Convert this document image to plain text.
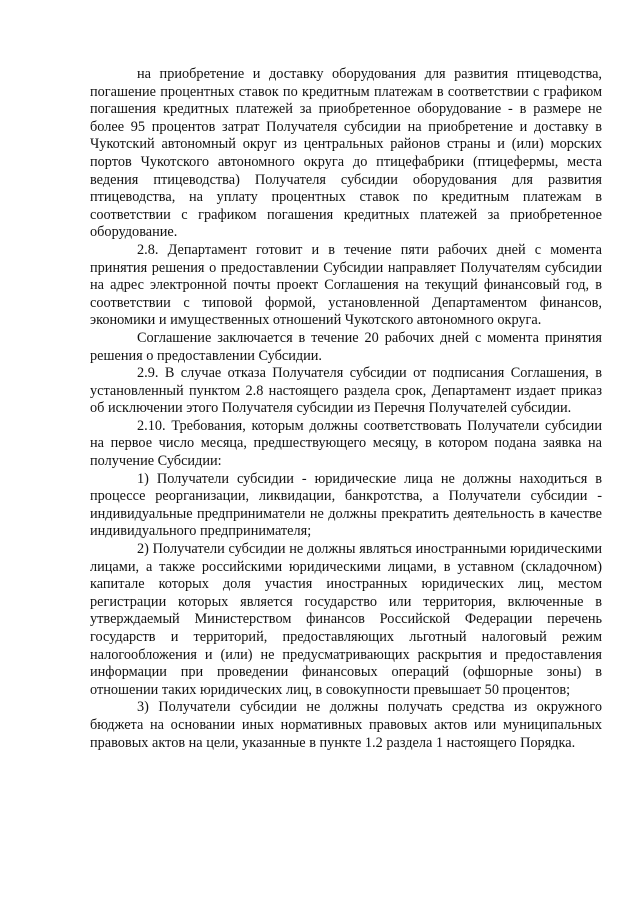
на приобретение и доставку оборудования для развития птицеводства, погашение процентных ставок по кредитным платежам в соответствии с графиком погашения кредитных платежей за приобретенное оборудование - в размере не более 95 процентов затрат Получателя субсидии на приобретение и доставку в Чукотский автономный округ из центральных районов страны и (или) морских портов Чукотского автономного округа до птицефабрики (птицефермы, места ведения птицеводства) Получателя субсидии оборудования для развития птицеводства, на уплату процентных ставок по кредитным платежам в соответствии с графиком погашения кредитных платежей за приобретенное оборудование.

2.8. Департамент готовит и в течение пяти рабочих дней с момента принятия решения о предоставлении Субсидии направляет Получателям субсидии на адрес электронной почты проект Соглашения на текущий финансовый год, в соответствии с типовой формой, установленной Департаментом финансов, экономики и имущественных отношений Чукотского автономного округа.

Соглашение заключается в течение 20 рабочих дней с момента принятия решения о предоставлении Субсидии.

2.9. В случае отказа Получателя субсидии от подписания Соглашения, в установленный пунктом 2.8 настоящего раздела срок, Департамент издает приказ об исключении этого Получателя субсидии из Перечня Получателей субсидии.

2.10. Требования, которым должны соответствовать Получатели субсидии на первое число месяца, предшествующего месяцу, в котором подана заявка на получение Субсидии:

1) Получатели субсидии - юридические лица не должны находиться в процессе реорганизации, ликвидации, банкротства, а Получатели субсидии - индивидуальные предприниматели не должны прекратить деятельность в качестве индивидуального предпринимателя;

2) Получатели субсидии не должны являться иностранными юридическими лицами, а также российскими юридическими лицами, в уставном (складочном) капитале которых доля участия иностранных юридических лиц, местом регистрации которых является государство или территория, включенные в утверждаемый Министерством финансов Российской Федерации перечень государств и территорий, предоставляющих льготный налоговый режим налогообложения и (или) не предусматривающих раскрытия и предоставления информации при проведении финансовых операций (офшорные зоны) в отношении таких юридических лиц, в совокупности превышает 50 процентов;

3) Получатели субсидии не должны получать средства из окружного бюджета на основании иных нормативных правовых актов или муниципальных правовых актов на цели, указанные в пункте 1.2 раздела 1 настоящего Порядка.
